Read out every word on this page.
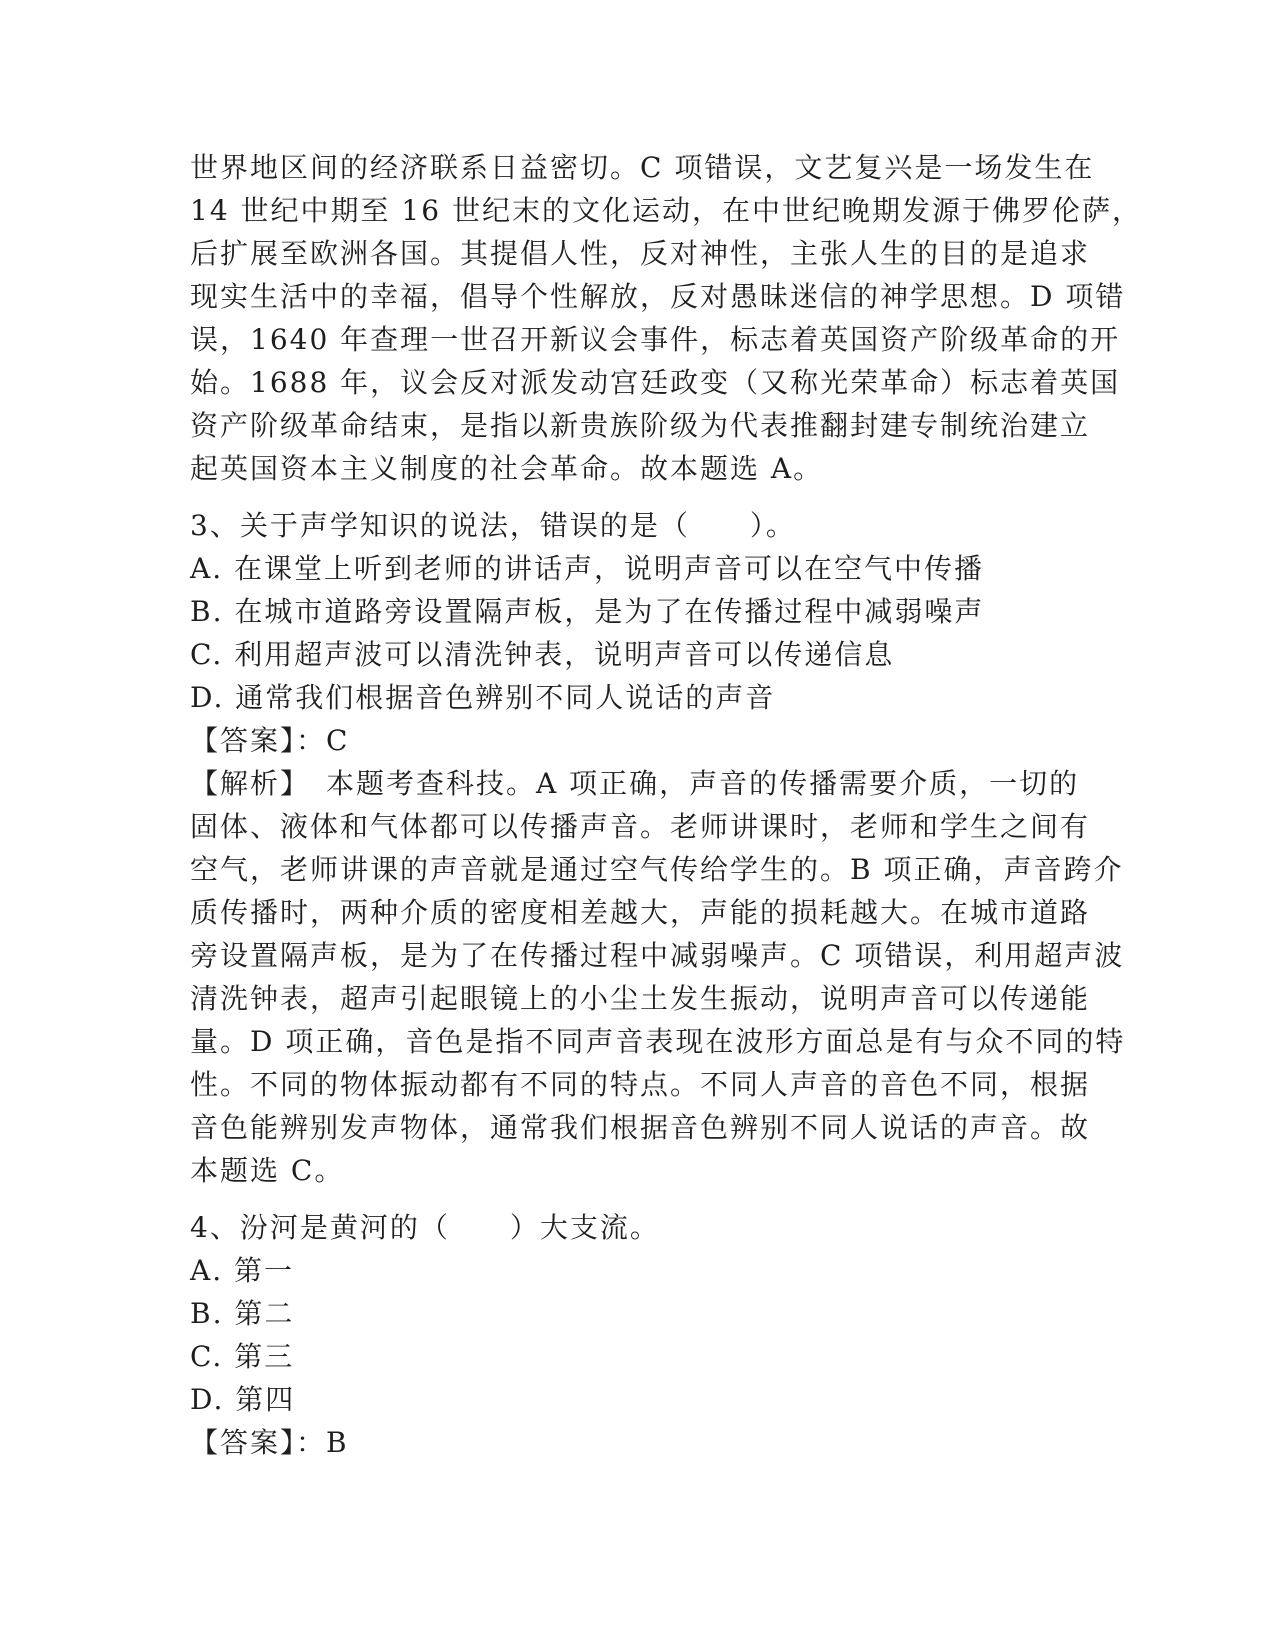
世界地区间的经济联系日益密切。C 项错误，文艺复兴是一场发生在
14 世纪中期至 16 世纪末的文化运动，在中世纪晚期发源于佛罗伦萨，
后扩展至欧洲各国。其提倡人性，反对神性，主张人生的目的是追求
现实生活中的幸福，倡导个性解放，反对愚昧迷信的神学思想。D 项错
误，1640 年查理一世召开新议会事件，标志着英国资产阶级革命的开
始。1688 年，议会反对派发动宫廷政变（又称光荣革命）标志着英国
资产阶级革命结束，是指以新贵族阶级为代表推翻封建专制统治建立
起英国资本主义制度的社会革命。故本题选 A。
3、关于声学知识的说法，错误的是（　　）。
A. 在课堂上听到老师的讲话声，说明声音可以在空气中传播
B. 在城市道路旁设置隔声板，是为了在传播过程中减弱噪声
C. 利用超声波可以清洗钟表，说明声音可以传递信息
D. 通常我们根据音色辨别不同人说话的声音
【答案】：C
【解析】　本题考查科技。A 项正确，声音的传播需要介质，一切的
固体、液体和气体都可以传播声音。老师讲课时，老师和学生之间有
空气，老师讲课的声音就是通过空气传给学生的。B 项正确，声音跨介
质传播时，两种介质的密度相差越大，声能的损耗越大。在城市道路
旁设置隔声板，是为了在传播过程中减弱噪声。C 项错误，利用超声波
清洗钟表，超声引起眼镜上的小尘土发生振动，说明声音可以传递能
量。D 项正确，音色是指不同声音表现在波形方面总是有与众不同的特
性。不同的物体振动都有不同的特点。不同人声音的音色不同，根据
音色能辨别发声物体，通常我们根据音色辨别不同人说话的声音。故
本题选 C。
4、汾河是黄河的（　　）大支流。
A. 第一
B. 第二
C. 第三
D. 第四
【答案】：B
